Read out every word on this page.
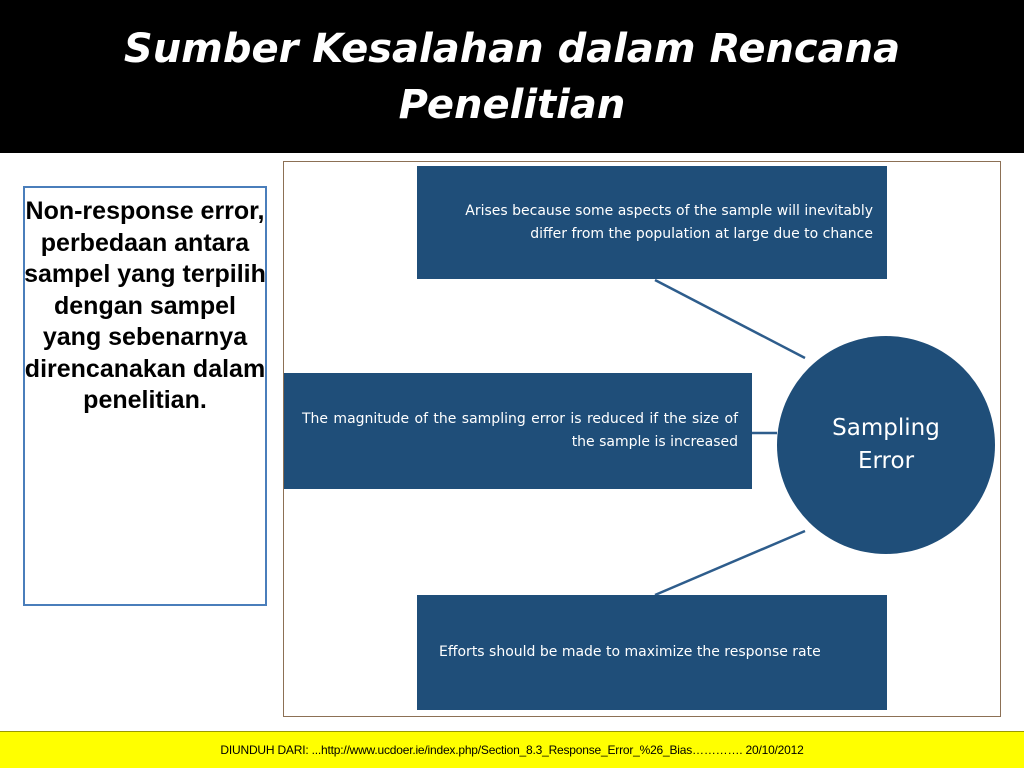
Sumber Kesalahan dalam Rencana Penelitian

Non-response error, perbedaan antara sampel yang terpilih dengan sampel yang sebenarnya direncanakan dalam penelitian.

Arises because some aspects of the sample will inevitably differ from the population at large due to chance

The magnitude of the sampling error is reduced if the size of the sample is increased

Efforts should be made to maximize the response rate

Sampling Error

DIUNDUH DARI: ...http://www.ucdoer.ie/index.php/Section_8.3_Response_Error_%26_Bias…………. 20/10/2012
